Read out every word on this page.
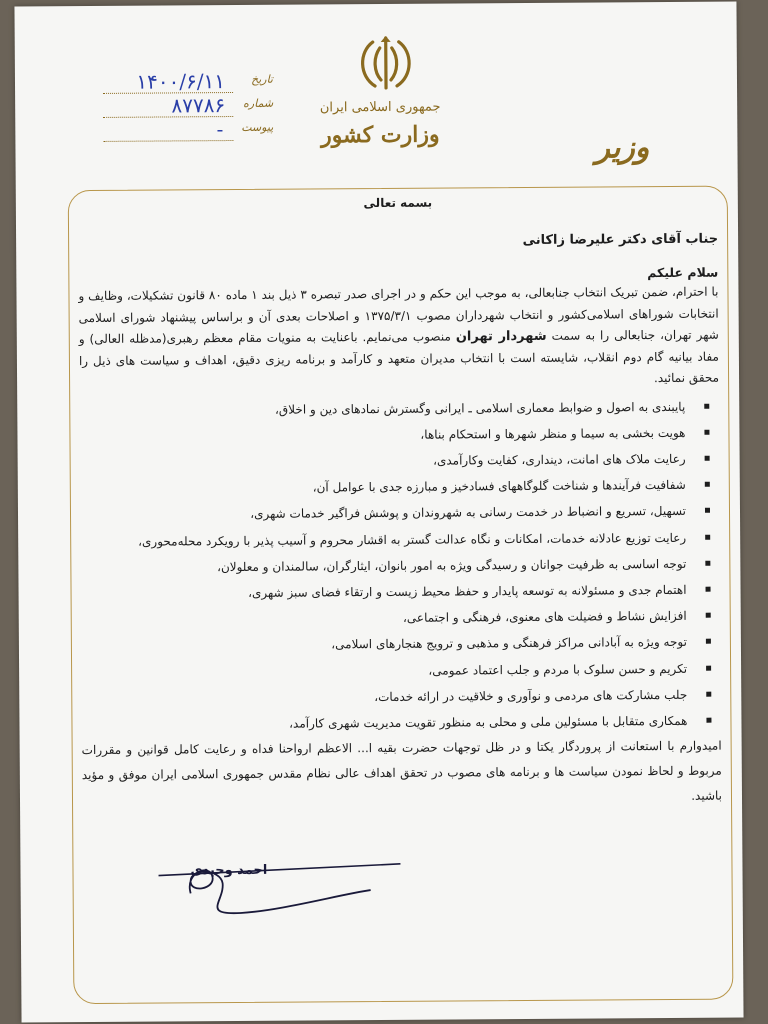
جمهوری اسلامی ایران
وزارت کشور	وزیر
تاریخ
۱۴۰۰/۶/۱۱
شماره
۸۷۷۸۶
پیوست
-
بسمه تعالی
جناب آقای دکتر علیرضا زاکانی
سلام علیکم

با احترام، ضمن تبریک انتخاب جنابعالی، به موجب این حکم و در اجرای صدر تبصره ۳ ذیل بند ۱ ماده ۸۰ قانون تشکیلات، وظایف و انتخابات شوراهای اسلامی‌کشور و انتخاب شهرداران مصوب ۱۳۷۵/۳/۱ و اصلاحات بعدی آن و براساس پیشنهاد شورای اسلامی شهر تهران، جنابعالی را به سمت شهردار تهران منصوب می‌نمایم. باعنایت به منویات مقام معظم رهبری(مدظله العالی) و مفاد بیانیه گام دوم انقلاب، شایسته است با انتخاب مدیران متعهد و کارآمد و برنامه ریزی دقیق، اهداف و سیاست های ذیل را محقق نمائید.

پایبندی به اصول و ضوابط معماری اسلامی ـ ایرانی وگسترش نمادهای دین و اخلاق،
هویت بخشی به سیما و منظر شهرها و استحکام بناها،
رعایت ملاک های امانت، دینداری، کفایت وکارآمدی،
شفافیت فرآیندها و شناخت گلوگاههای فسادخیز و مبارزه جدی با عوامل آن،
تسهیل، تسریع و انضباط در خدمت رسانی به شهروندان و پوشش فراگیر خدمات شهری،
رعایت توزیع عادلانه خدمات، امکانات و نگاه عدالت گستر به اقشار محروم و آسیب پذیر با رویکرد محله‌محوری،
توجه اساسی به ظرفیت جوانان و رسیدگی ویژه به امور بانوان، ایثارگران، سالمندان و معلولان،
اهتمام جدی و مسئولانه به توسعه پایدار و حفظ محیط زیست و ارتقاء فضای سبز شهری،
افزایش نشاط و فضیلت های معنوی، فرهنگی و اجتماعی،
توجه ویژه به آبادانی مراکز فرهنگی و مذهبی و ترویج هنجارهای اسلامی،
تکریم و حسن سلوک با مردم و جلب اعتماد عمومی،
جلب مشارکت های مردمی و نوآوری و خلاقیت در ارائه خدمات،
همکاری متقابل با مسئولین ملی و محلی به منظور تقویت مدیریت شهری کارآمد،

امیدوارم با استعانت از پروردگار یکتا و در ظل توجهات حضرت بقیه ا... الاعظم ارواحنا فداه و رعایت کامل قوانین و مقررات مربوط و لحاظ نمودن سیاست ها و برنامه های مصوب در تحقق اهداف عالی نظام مقدس جمهوری اسلامی ایران موفق و مؤید باشید.

احمد وحیدی
